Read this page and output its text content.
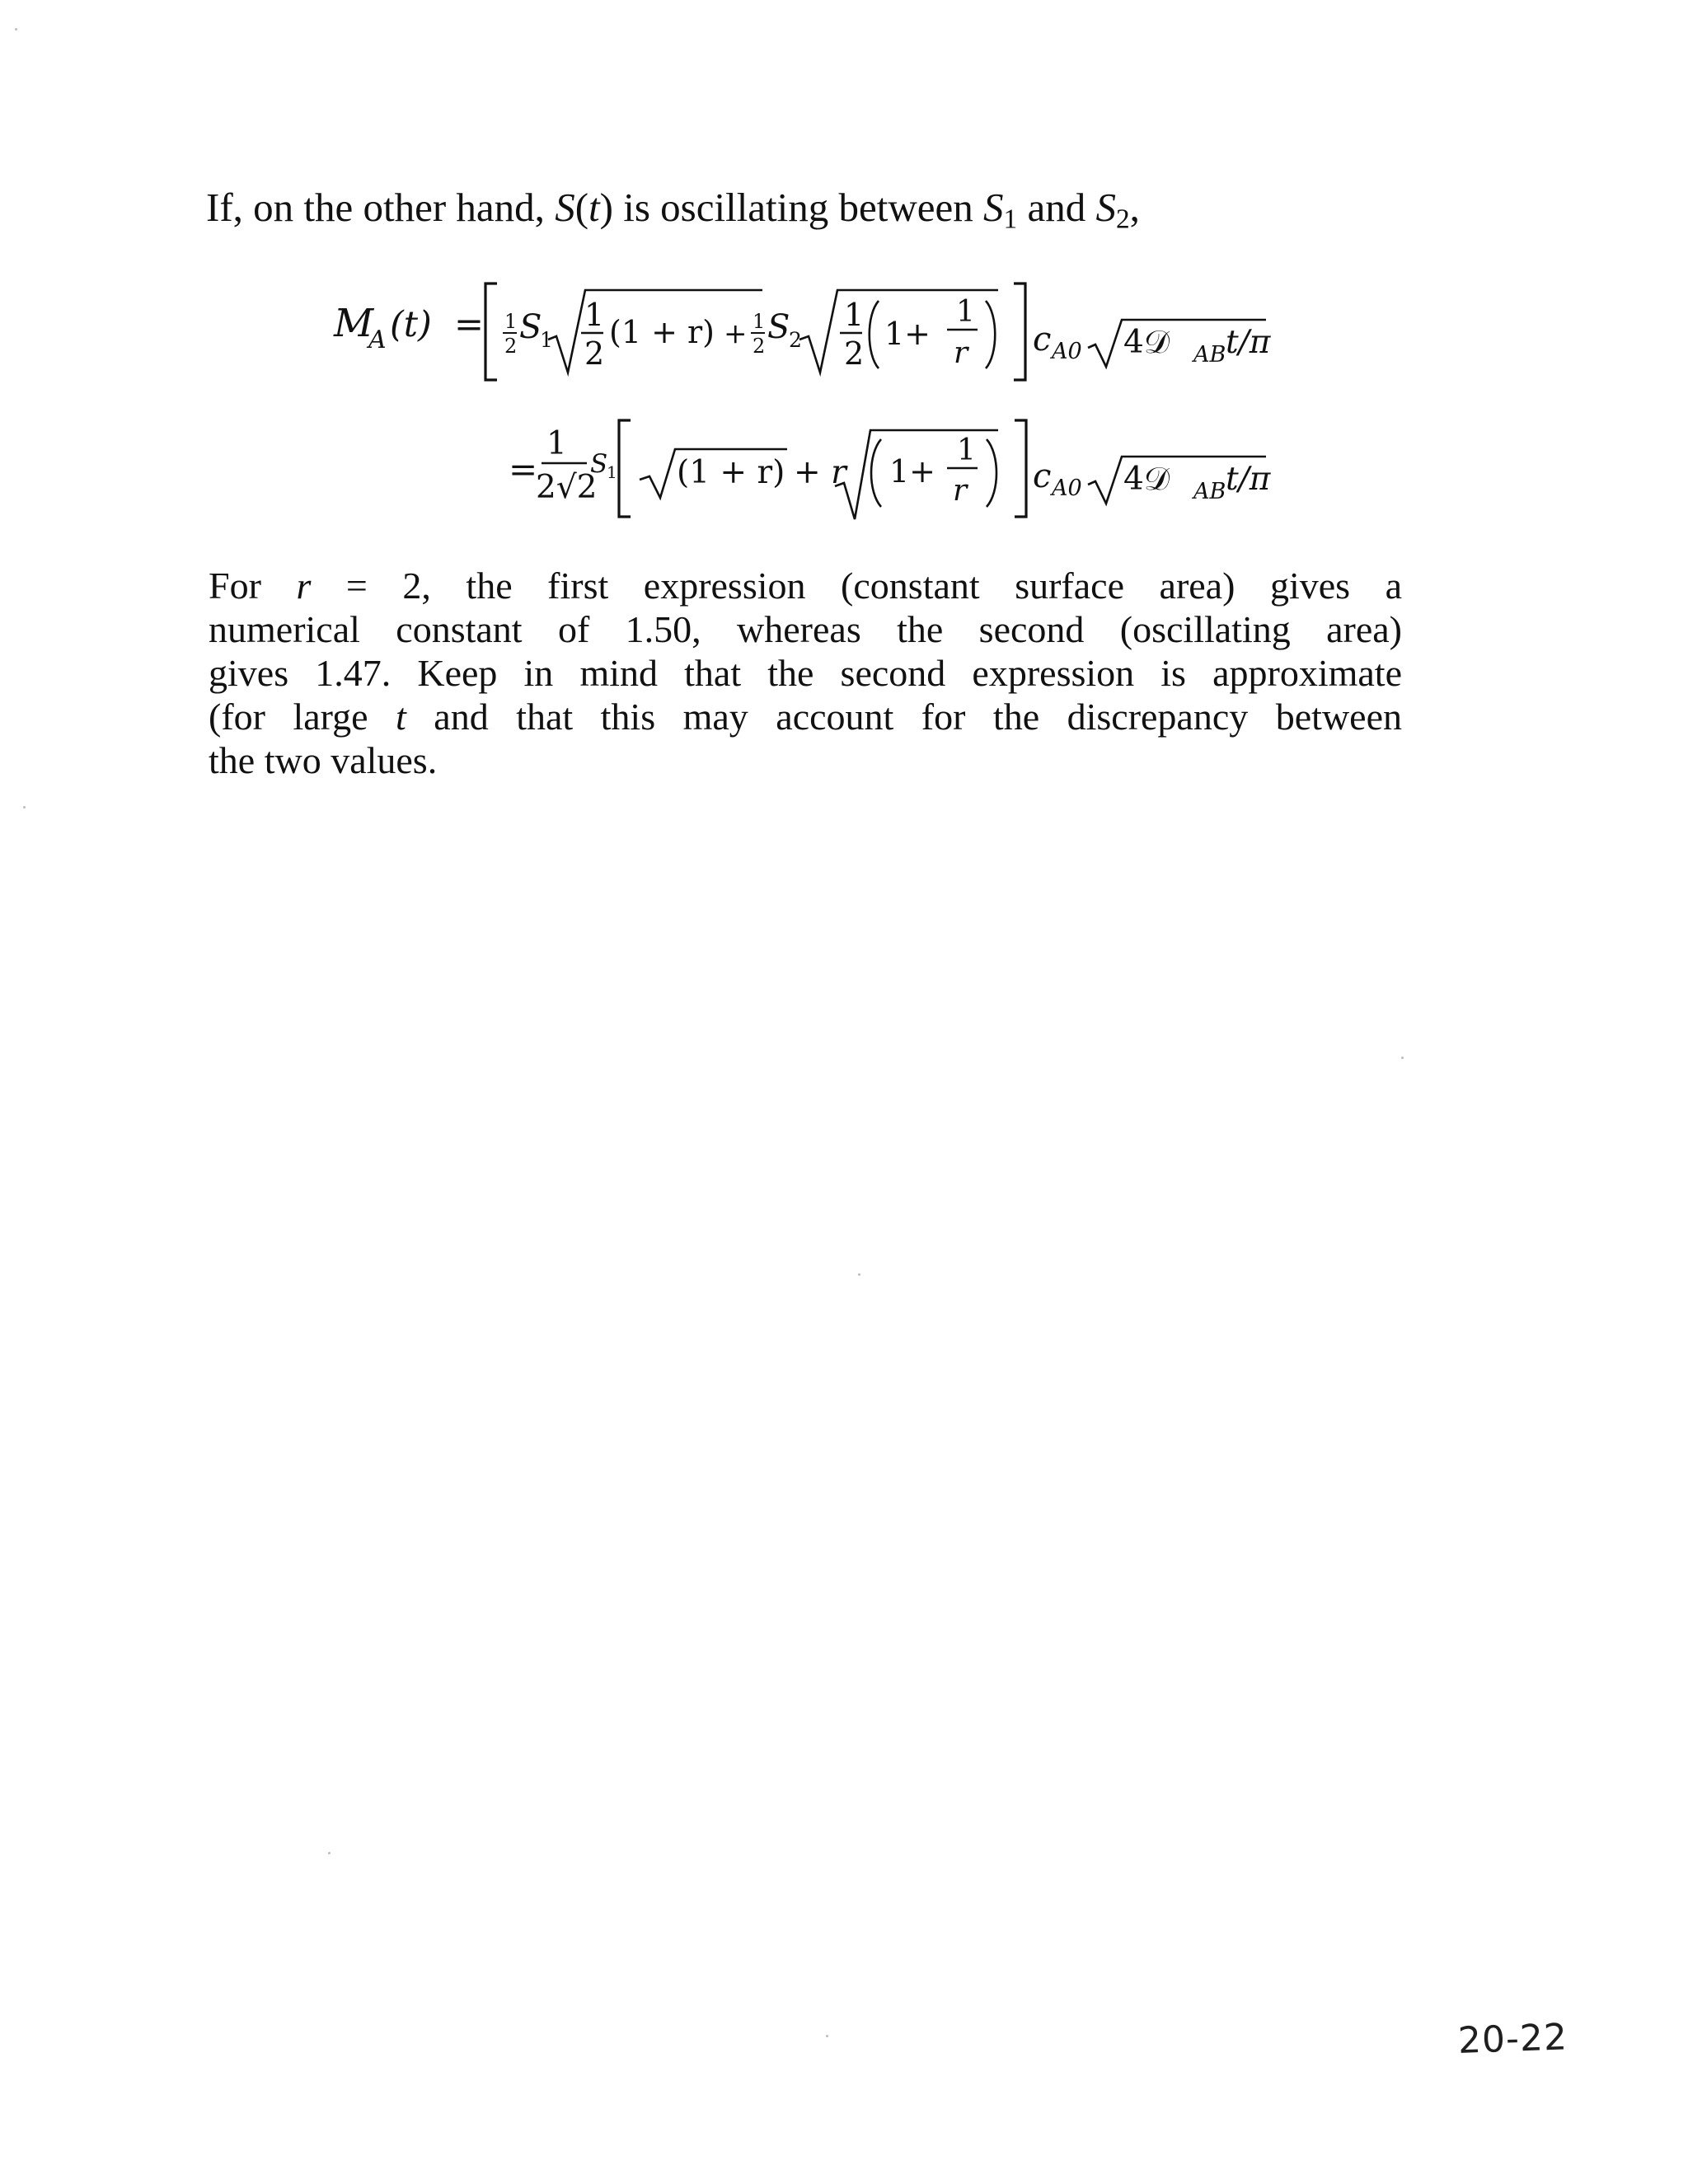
If, on the other hand, S(t) is oscillating between $S_1$ and $S_2$,
M
A (t) = 1
2 S
1
1
2
(1 + r) + 1
2 S
2
1
2
1+
1
r c A0 4𝒟 AB t/π
=
1
2√2
S
1 (1 + r) + r 1+
1
r c A0 4𝒟 AB t/π
For r = 2, the first expression (constant surface area) gives a
numerical constant of 1.50, whereas the second (oscillating area)
gives 1.47. Keep in mind that the second expression is approximate
(for large t and that this may account for the discrepancy between
the two values.
20-22
